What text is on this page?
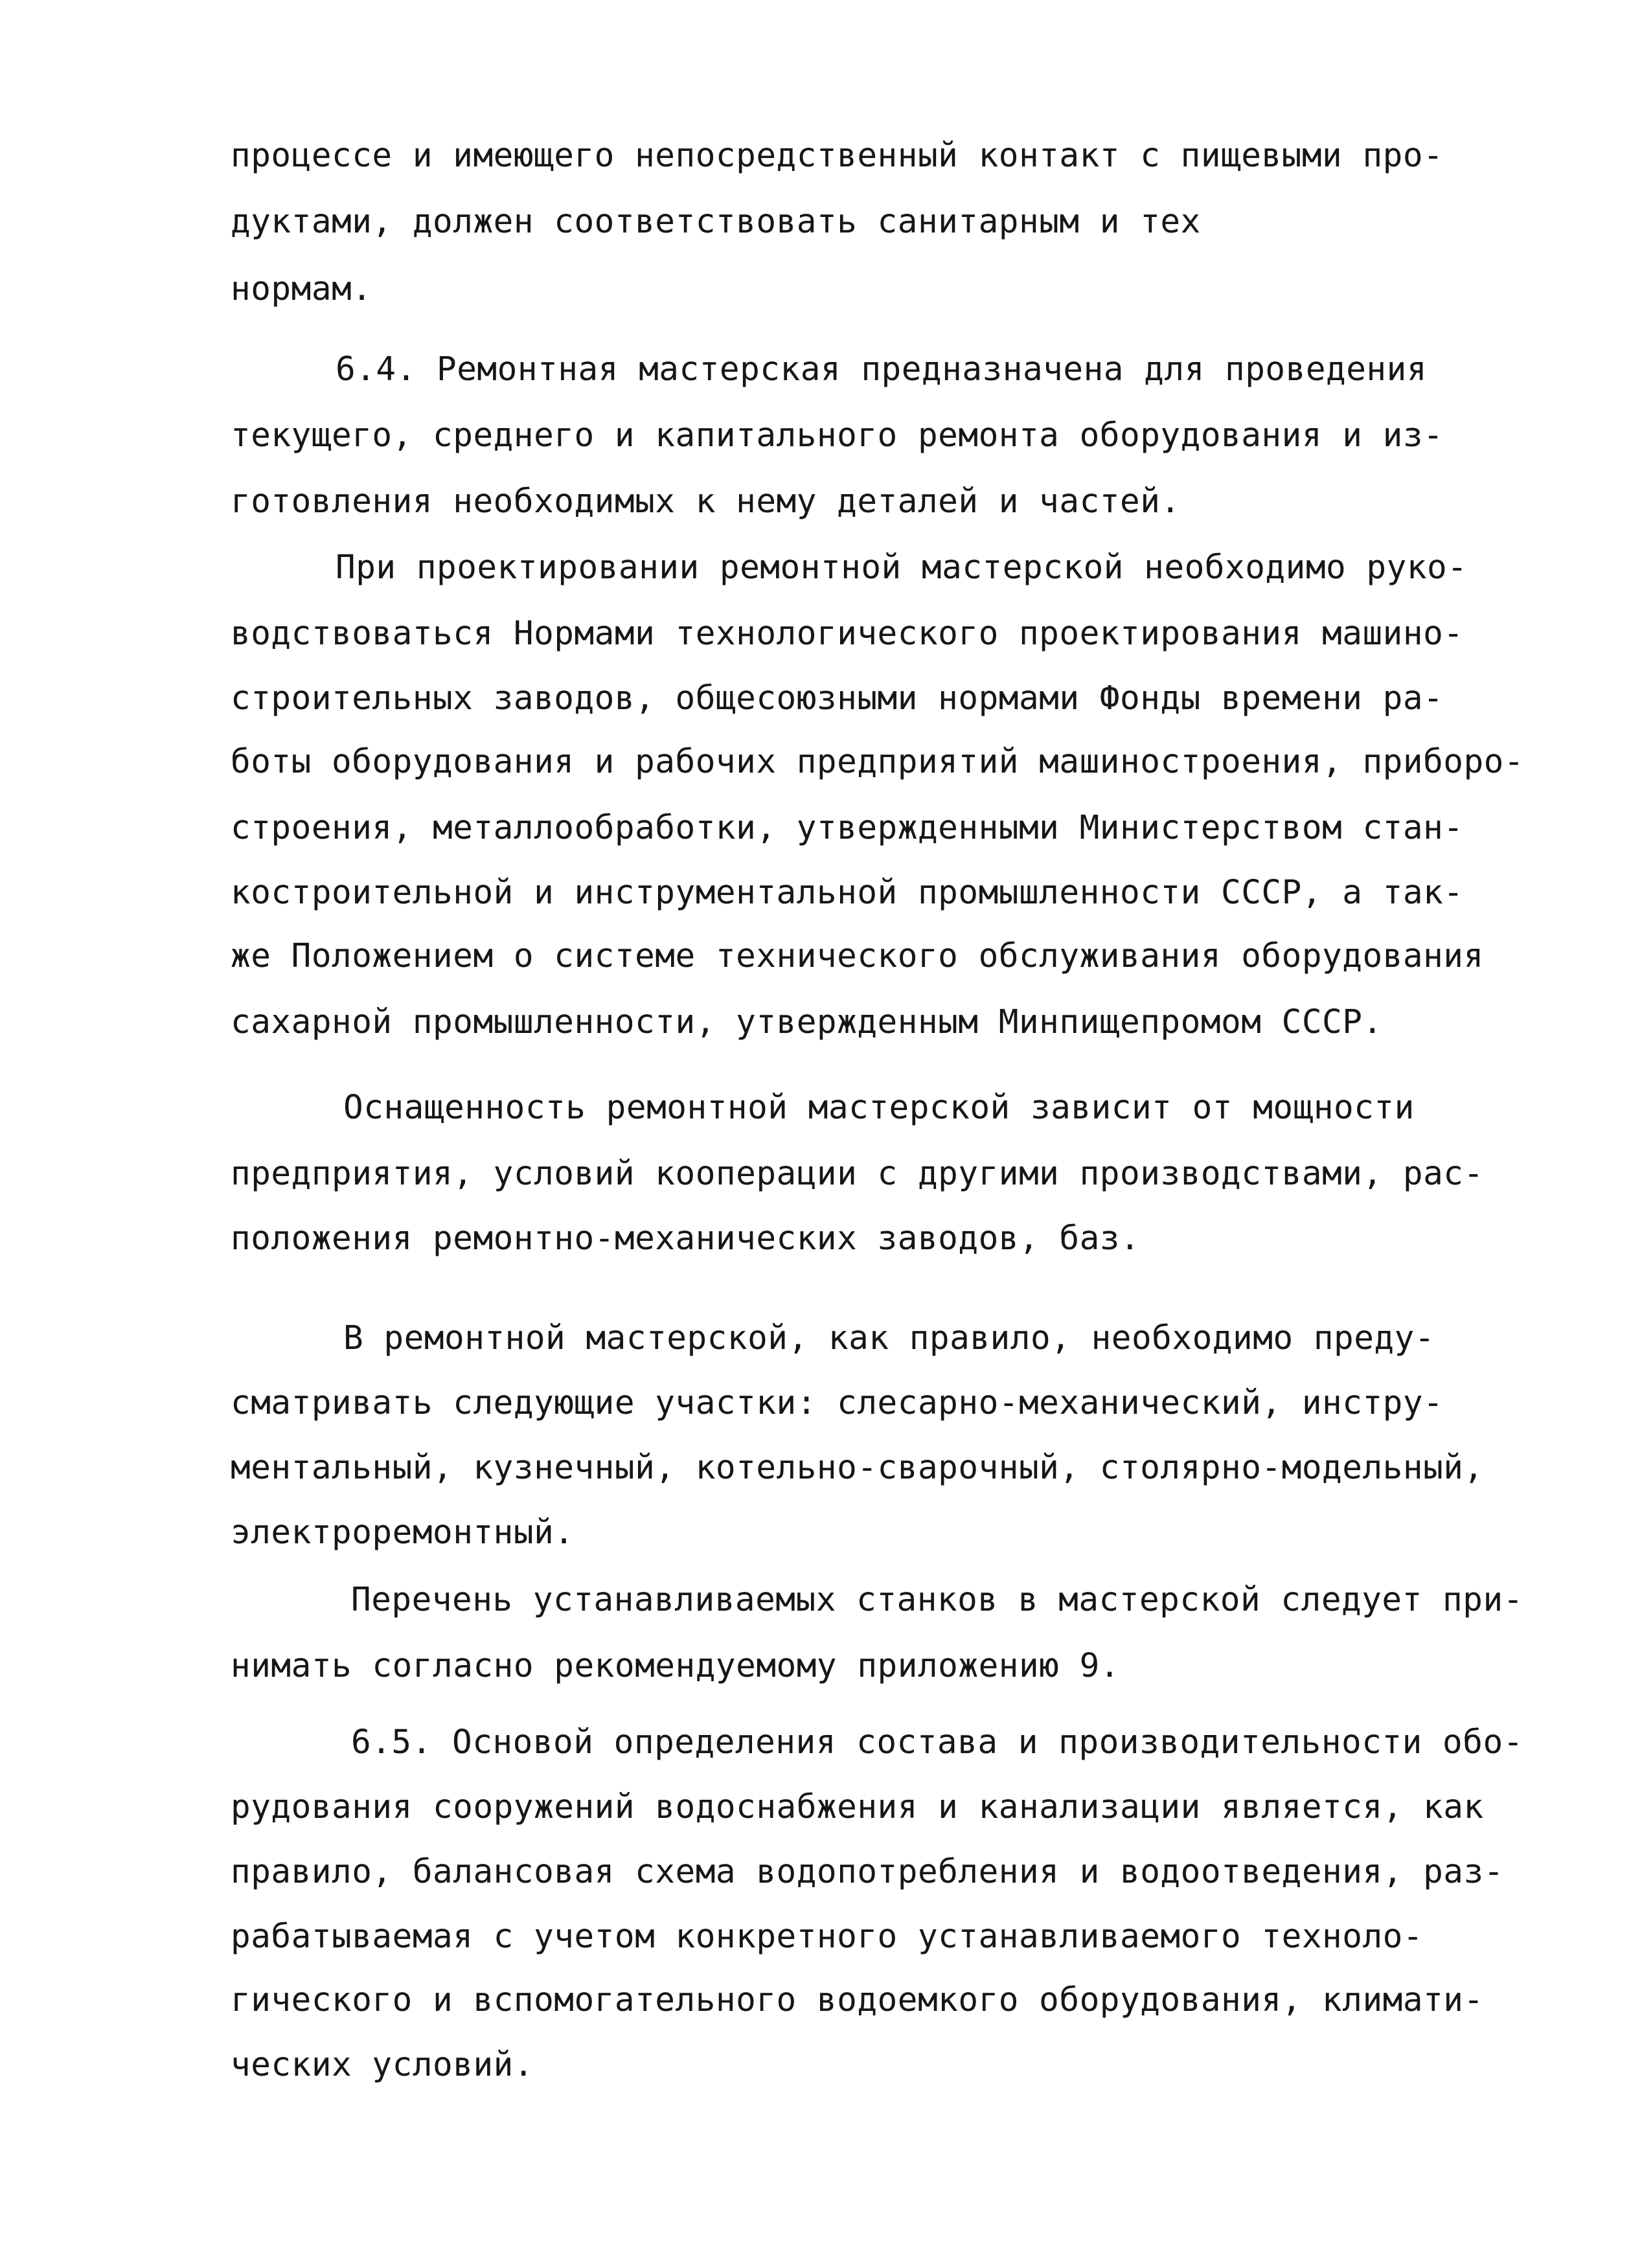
процессе и имеющего непосредственный контакт с пищевыми про-
дуктами, должен соответствовать санитарным и тех
нормам.
6.4. Ремонтная мастерская предназначена для проведения
текущего, среднего и капитального ремонта оборудования и из-
готовления необходимых к нему деталей и частей.
При проектировании ремонтной мастерской необходимо руко-
водствоваться Нормами технологического проектирования машино-
строительных заводов, общесоюзными нормами Фонды времени ра-
боты оборудования и рабочих предприятий машиностроения, приборо-
строения, металлообработки, утвержденными Министерством стан-
костроительной и инструментальной промышленности СССР, а так-
же Положением о системе технического обслуживания оборудования
сахарной промышленности, утвержденным Минпищепромом СССР.
Оснащенность ремонтной мастерской зависит от мощности
предприятия, условий кооперации с другими производствами, рас-
положения ремонтно-механических заводов, баз.
В ремонтной мастерской, как правило, необходимо преду-
сматривать следующие участки: слесарно-механический, инстру-
ментальный, кузнечный, котельно-сварочный, столярно-модельный,
электроремонтный.
Перечень устанавливаемых станков в мастерской следует при-
нимать согласно рекомендуемому приложению 9.
6.5. Основой определения состава и производительности обо-
рудования сооружений водоснабжения и канализации является, как
правило, балансовая схема водопотребления и водоотведения, раз-
рабатываемая с учетом конкретного устанавливаемого техноло-
гического и вспомогательного водоемкого оборудования, климати-
ческих условий.
